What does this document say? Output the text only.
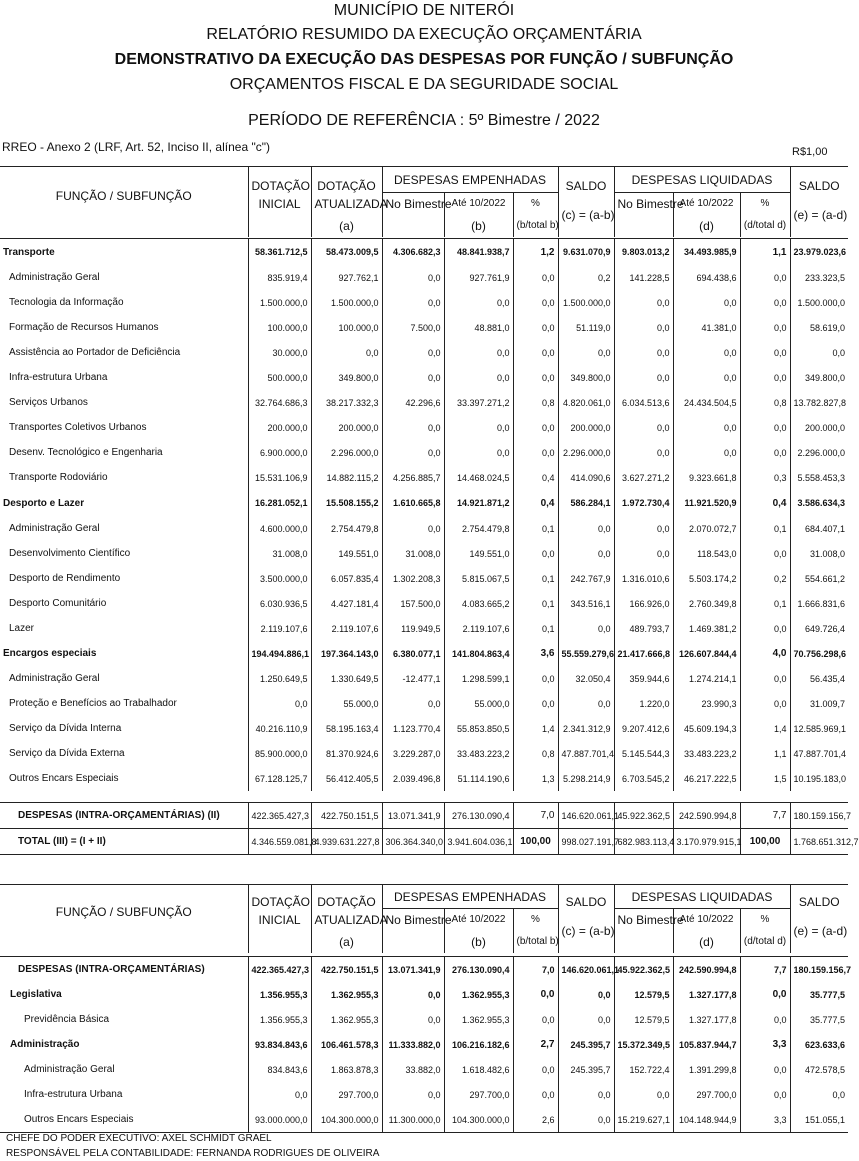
MUNICÍPIO DE NITERÓI
RELATÓRIO RESUMIDO DA EXECUÇÃO ORÇAMENTÁRIA
DEMONSTRATIVO DA EXECUÇÃO DAS DESPESAS POR FUNÇÃO / SUBFUNÇÃO
ORÇAMENTOS FISCAL E DA SEGURIDADE SOCIAL
PERÍODO DE REFERÊNCIA : 5º Bimestre / 2022
RREO - Anexo 2 (LRF, Art. 52, Inciso II, alínea "c")	R$1,00
FUNÇÃO / SUBFUNÇÃO	DOTAÇÃO	DOTAÇÃO	DESPESAS EMPENHADAS			SALDO	DESPESAS LIQUIDADAS			SALDO
	INICIAL	ATUALIZADA	No Bimestre	Até 10/2022	%	(c) = (a-b)	No Bimestre	Até 10/2022	%	(e) = (a-d)
		(a)		(b)	(b/total b)			(d)	(d/total d)	
Transporte	58.361.712,5	58.473.009,5	4.306.682,3	48.841.938,7	1,2	9.631.070,9	9.803.013,2	34.493.985,9	1,1	23.979.023,6
Administração Geral	835.919,4	927.762,1	0,0	927.761,9	0,0	0,2	141.228,5	694.438,6	0,0	233.323,5
Tecnologia da Informação	1.500.000,0	1.500.000,0	0,0	0,0	0,0	1.500.000,0	0,0	0,0	0,0	1.500.000,0
Formação de Recursos Humanos	100.000,0	100.000,0	7.500,0	48.881,0	0,0	51.119,0	0,0	41.381,0	0,0	58.619,0
Assistência ao Portador de Deficiência	30.000,0	0,0	0,0	0,0	0,0	0,0	0,0	0,0	0,0	0,0
Infra-estrutura Urbana	500.000,0	349.800,0	0,0	0,0	0,0	349.800,0	0,0	0,0	0,0	349.800,0
Serviços Urbanos	32.764.686,3	38.217.332,3	42.296,6	33.397.271,2	0,8	4.820.061,0	6.034.513,6	24.434.504,5	0,8	13.782.827,8
Transportes Coletivos Urbanos	200.000,0	200.000,0	0,0	0,0	0,0	200.000,0	0,0	0,0	0,0	200.000,0
Desenv. Tecnológico e Engenharia	6.900.000,0	2.296.000,0	0,0	0,0	0,0	2.296.000,0	0,0	0,0	0,0	2.296.000,0
Transporte Rodoviário	15.531.106,9	14.882.115,2	4.256.885,7	14.468.024,5	0,4	414.090,6	3.627.271,2	9.323.661,8	0,3	5.558.453,3
Desporto e Lazer	16.281.052,1	15.508.155,2	1.610.665,8	14.921.871,2	0,4	586.284,1	1.972.730,4	11.921.520,9	0,4	3.586.634,3
Administração Geral	4.600.000,0	2.754.479,8	0,0	2.754.479,8	0,1	0,0	0,0	2.070.072,7	0,1	684.407,1
Desenvolvimento Científico	31.008,0	149.551,0	31.008,0	149.551,0	0,0	0,0	0,0	118.543,0	0,0	31.008,0
Desporto de Rendimento	3.500.000,0	6.057.835,4	1.302.208,3	5.815.067,5	0,1	242.767,9	1.316.010,6	5.503.174,2	0,2	554.661,2
Desporto Comunitário	6.030.936,5	4.427.181,4	157.500,0	4.083.665,2	0,1	343.516,1	166.926,0	2.760.349,8	0,1	1.666.831,6
Lazer	2.119.107,6	2.119.107,6	119.949,5	2.119.107,6	0,1	0,0	489.793,7	1.469.381,2	0,0	649.726,4
Encargos especiais	194.494.886,1	197.364.143,0	6.380.077,1	141.804.863,4	3,6	55.559.279,6	21.417.666,8	126.607.844,4	4,0	70.756.298,6
Administração Geral	1.250.649,5	1.330.649,5	-12.477,1	1.298.599,1	0,0	32.050,4	359.944,6	1.274.214,1	0,0	56.435,4
Proteção e Benefícios ao Trabalhador	0,0	55.000,0	0,0	55.000,0	0,0	0,0	1.220,0	23.990,3	0,0	31.009,7
Serviço da Dívida Interna	40.216.110,9	58.195.163,4	1.123.770,4	55.853.850,5	1,4	2.341.312,9	9.207.412,6	45.609.194,3	1,4	12.585.969,1
Serviço da Dívida Externa	85.900.000,0	81.370.924,6	3.229.287,0	33.483.223,2	0,8	47.887.701,4	5.145.544,3	33.483.223,2	1,1	47.887.701,4
Outros Encars Especiais	67.128.125,7	56.412.405,5	2.039.496,8	51.114.190,6	1,3	5.298.214,9	6.703.545,2	46.217.222,5	1,5	10.195.183,0
DESPESAS (INTRA-ORÇAMENTÁRIAS) (II)	422.365.427,3	422.750.151,5	13.071.341,9	276.130.090,4	7,0	146.620.061,1	45.922.362,5	242.590.994,8	7,7	180.159.156,7
TOTAL (III) = (I + II)	4.346.559.081,8	4.939.631.227,8	306.364.340,0	3.941.604.036,1	100,00	998.027.191,7	682.983.113,4	3.170.979.915,1	100,00	1.768.651.312,7
FUNÇÃO / SUBFUNÇÃO	DOTAÇÃO	DOTAÇÃO	DESPESAS EMPENHADAS			SALDO	DESPESAS LIQUIDADAS			SALDO
	INICIAL	ATUALIZADA	No Bimestre	Até 10/2022	%	(c) = (a-b)	No Bimestre	Até 10/2022	%	(e) = (a-d)
		(a)		(b)	(b/total b)			(d)	(d/total d)	
DESPESAS (INTRA-ORÇAMENTÁRIAS)	422.365.427,3	422.750.151,5	13.071.341,9	276.130.090,4	7,0	146.620.061,1	45.922.362,5	242.590.994,8	7,7	180.159.156,7
Legislativa	1.356.955,3	1.362.955,3	0,0	1.362.955,3	0,0	0,0	12.579,5	1.327.177,8	0,0	35.777,5
Previdência Básica	1.356.955,3	1.362.955,3	0,0	1.362.955,3	0,0	0,0	12.579,5	1.327.177,8	0,0	35.777,5
Administração	93.834.843,6	106.461.578,3	11.333.882,0	106.216.182,6	2,7	245.395,7	15.372.349,5	105.837.944,7	3,3	623.633,6
Administração Geral	834.843,6	1.863.878,3	33.882,0	1.618.482,6	0,0	245.395,7	152.722,4	1.391.299,8	0,0	472.578,5
Infra-estrutura Urbana	0,0	297.700,0	0,0	297.700,0	0,0	0,0	0,0	297.700,0	0,0	0,0
Outros Encars Especiais	93.000.000,0	104.300.000,0	11.300.000,0	104.300.000,0	2,6	0,0	15.219.627,1	104.148.944,9	3,3	151.055,1
CHEFE DO PODER EXECUTIVO: AXEL SCHMIDT GRAEL
RESPONSÁVEL PELA CONTABILIDADE: FERNANDA RODRIGUES DE OLIVEIRA
